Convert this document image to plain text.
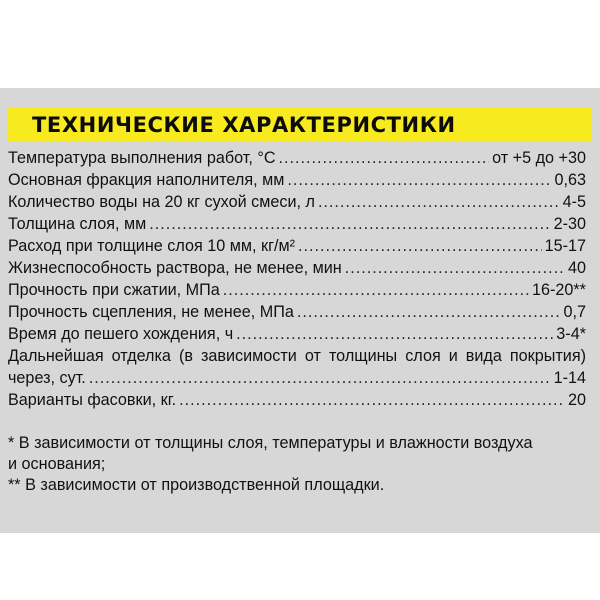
ТЕХНИЧЕСКИЕ ХАРАКТЕРИСТИКИ
Температура выполнения работ, °С .....	от +5 до +30
Основная фракция наполнителя, мм .....	0,63
Количество воды на 20 кг сухой смеси, л .....	4-5
Толщина слоя, мм .....	2-30
Расход при толщине слоя 10 мм, кг/м² .....	15-17
Жизнеспособность раствора, не менее, мин .....	40
Прочность при сжатии, МПа .....	16-20**
Прочность сцепления, не менее, МПа .....	0,7
Время до пешего хождения, ч .....	3-4*
Дальнейшая отделка (в зависимости от толщины слоя и вида покрытия)
через, сут. .....	1-14
Варианты фасовки, кг. .....	20
* В зависимости от толщины слоя, температуры и влажности воздуха
и основания;
** В зависимости от производственной площадки.
